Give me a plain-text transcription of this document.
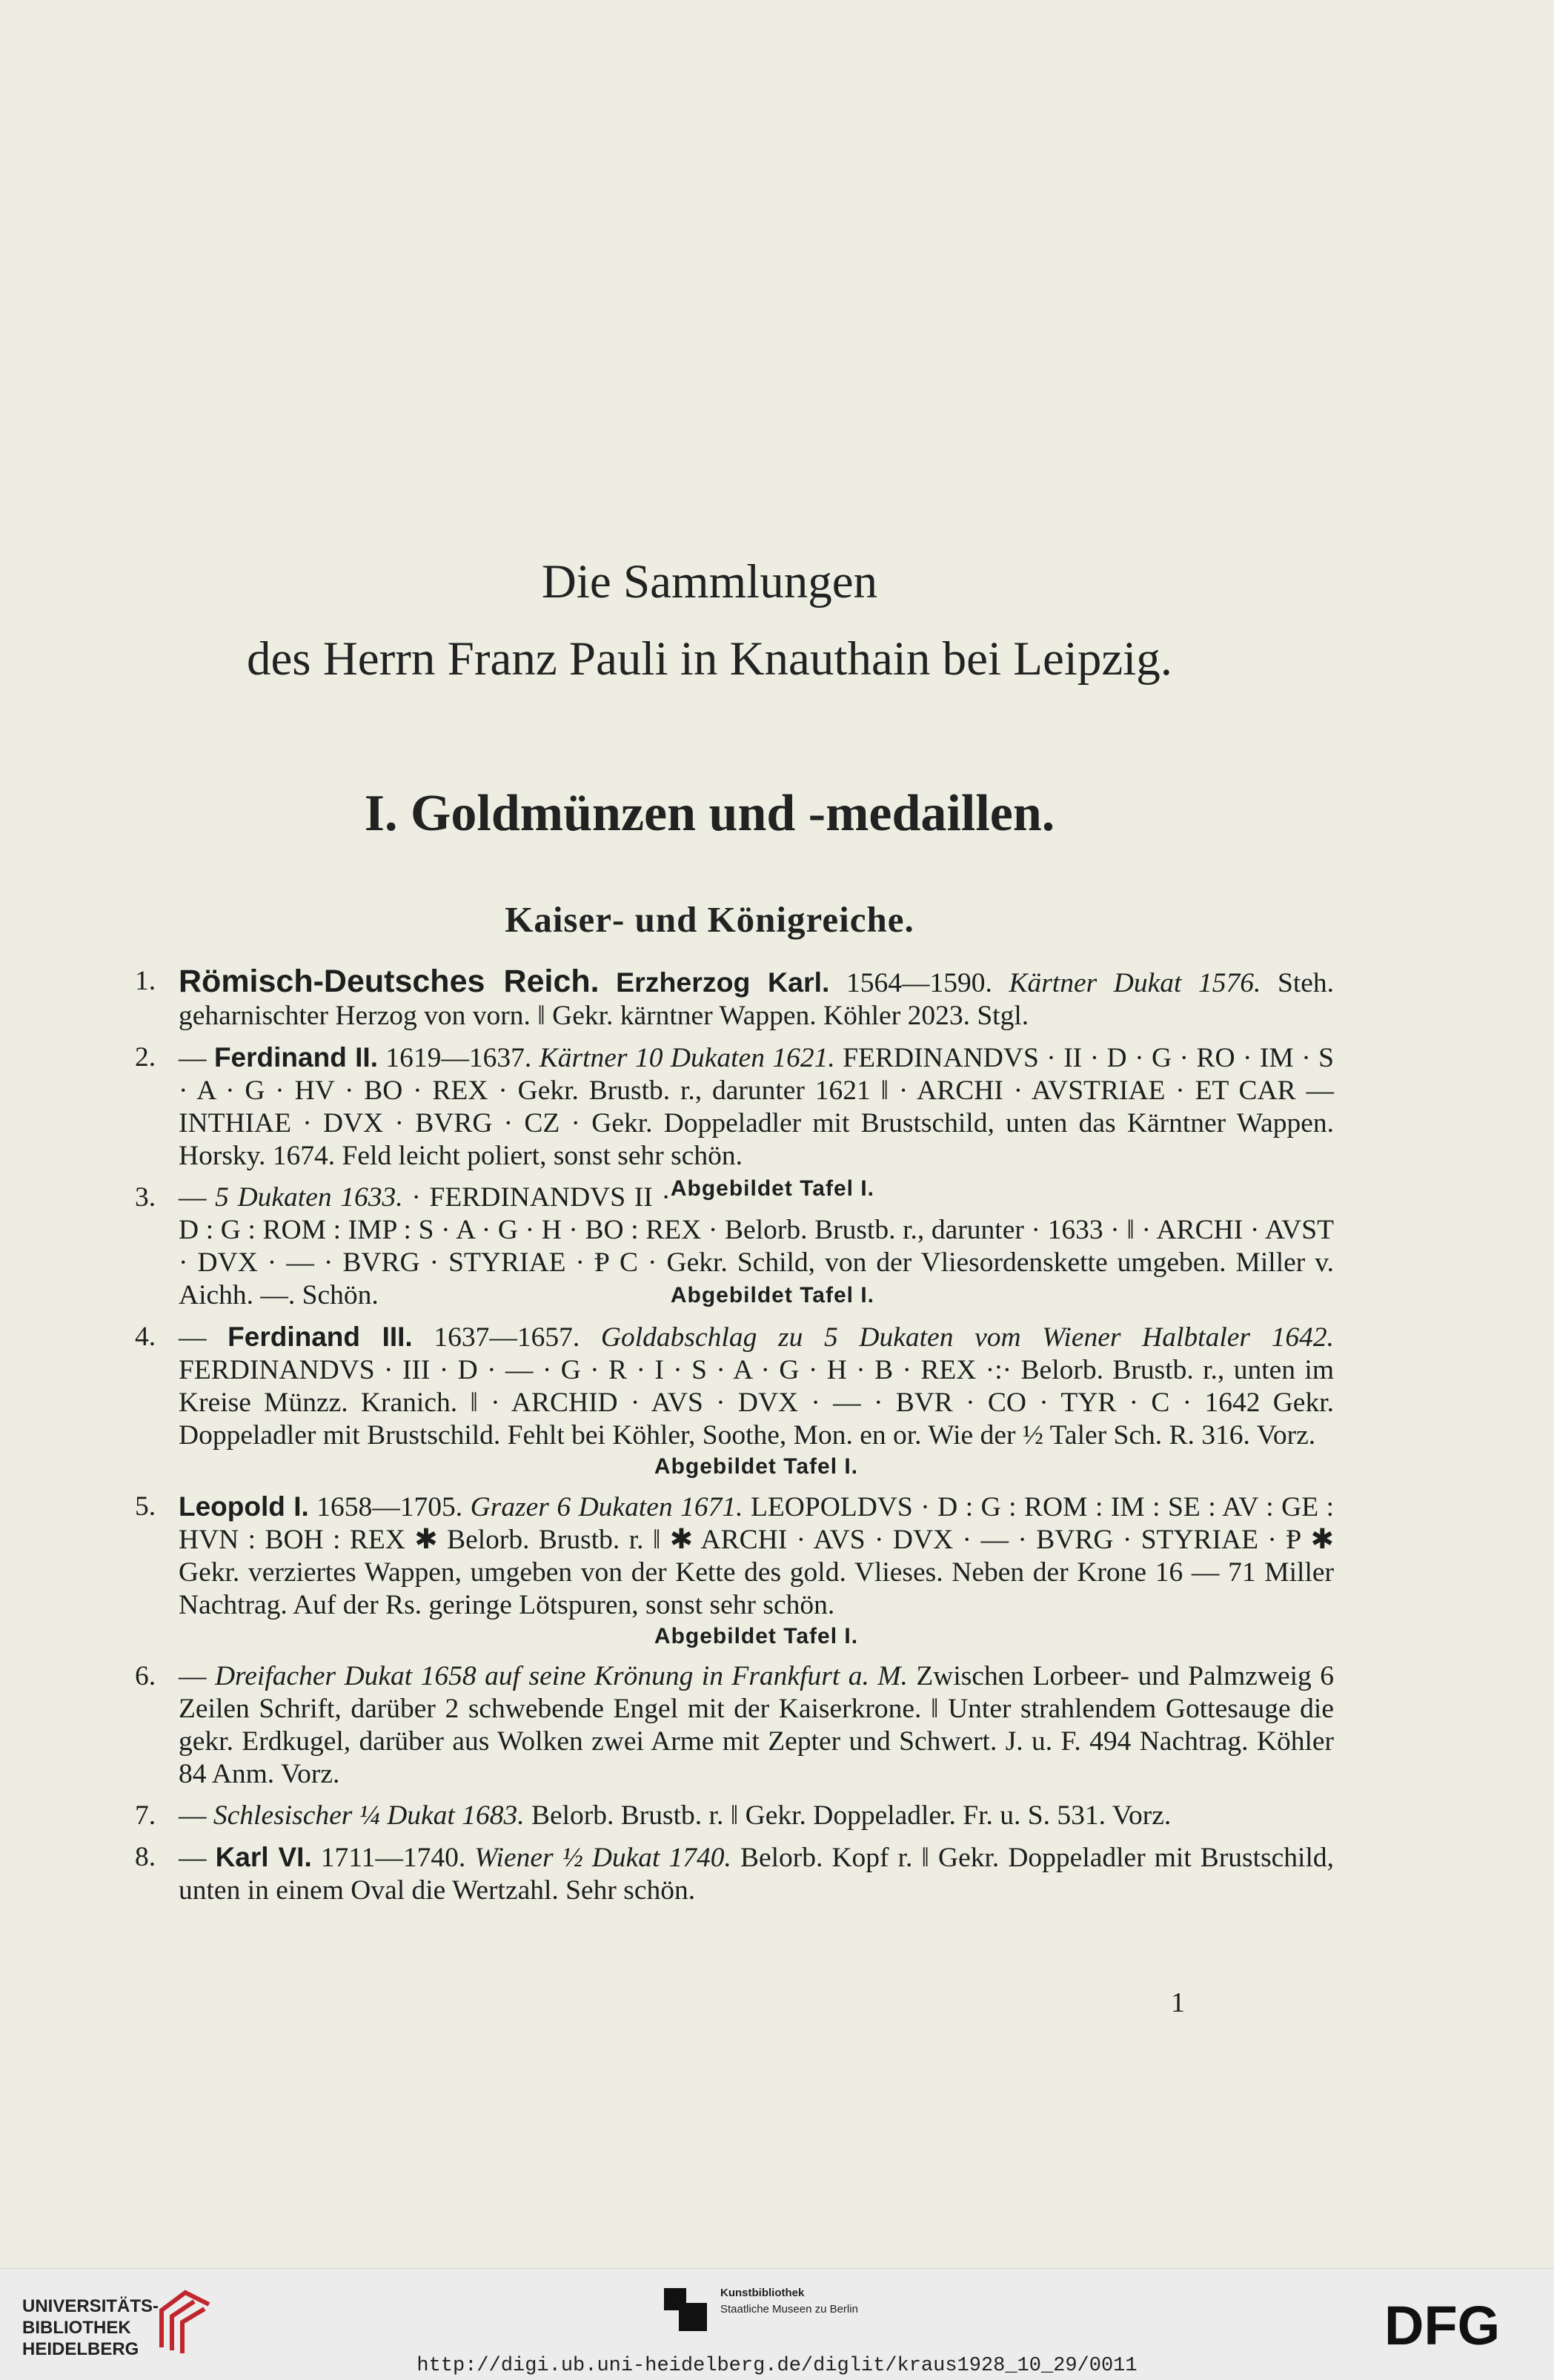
Die Sammlungen
des Herrn Franz Pauli in Knauthain bei Leipzig.
I. Goldmünzen und ‑medaillen.
Kaiser‑ und Königreiche.
1. Römisch-Deutsches Reich. Erzherzog Karl. 1564—1590. Kärtner Dukat 1576. Steh. geharnischter Herzog von vorn. ‖ Gekr. kärntner Wappen. Köhler 2023. Stgl.

2. — Ferdinand II. 1619—1637. Kärtner 10 Dukaten 1621. FERDINANDVS · II · D · G · RO · IM · S · A · G · HV · BO · REX · Gekr. Brustb. r., darunter 1621 ‖ · ARCHI · AVSTRIAE · ET CAR — INTHIAE · DVX · BVRG · CZ · Gekr. Doppeladler mit Brustschild, unten das Kärntner Wappen. Horsky. 1674. Feld leicht poliert, sonst sehr schön.
Abgebildet Tafel I.

3. — 5 Dukaten 1633. · FERDINANDVS II · D : G : ROM : IMP : S · A · G · H · BO : REX · Belorb. Brustb. r., darunter · 1633 · ‖ · ARCHI · AVST · DVX · — · BVRG · STYRIAE · Ᵽ C · Gekr. Schild, von der Vliesordenskette umgeben. Miller v. Aichh. —. Schön.	Abgebildet Tafel I.

4. — Ferdinand III. 1637—1657. Goldabschlag zu 5 Dukaten vom Wiener Halbtaler 1642. FERDINANDVS · III · D · — · G · R · I · S · A · G · H · B · REX ·:· Belorb. Brustb. r., unten im Kreise Münzz. Kranich. ‖ · ARCHID · AVS · DVX · — · BVR · CO · TYR · C · 1642 Gekr. Doppeladler mit Brustschild. Fehlt bei Köhler, Soothe, Mon. en or. Wie der ½ Taler Sch. R. 316. Vorz.

Abgebildet Tafel I.
5. Leopold I. 1658—1705. Grazer 6 Dukaten 1671. LEOPOLDVS · D : G : ROM : IM : SE : AV : GE : HVN : BOH : REX ✱ Belorb. Brustb. r. ‖ ✱ ARCHI · AVS · DVX · — · BVRG · STYRIAE · Ᵽ ✱ Gekr. verziertes Wappen, umgeben von der Kette des gold. Vlieses. Neben der Krone 16 — 71 Miller Nachtrag. Auf der Rs. geringe Lötspuren, sonst sehr schön.

Abgebildet Tafel I.
6. — Dreifacher Dukat 1658 auf seine Krönung in Frankfurt a. M. Zwischen Lorbeer- und Palmzweig 6 Zeilen Schrift, darüber 2 schwebende Engel mit der Kaiserkrone. ‖ Unter strahlendem Gottesauge die gekr. Erdkugel, darüber aus Wolken zwei Arme mit Zepter und Schwert. J. u. F. 494 Nachtrag. Köhler 84 Anm. Vorz.

7. — Schlesischer ¼ Dukat 1683. Belorb. Brustb. r. ‖ Gekr. Doppeladler. Fr. u. S. 531. Vorz.

8. — Karl VI. 1711—1740. Wiener ½ Dukat 1740. Belorb. Kopf r. ‖ Gekr. Doppeladler mit Brustschild, unten in einem Oval die Wertzahl. Sehr schön.

1
UNIVERSITÄTS-
BIBLIOTHEK
HEIDELBERG
Kunstbibliothek
Staatliche Museen zu Berlin	DFG
http://digi.ub.uni-heidelberg.de/diglit/kraus1928_10_29/0011
